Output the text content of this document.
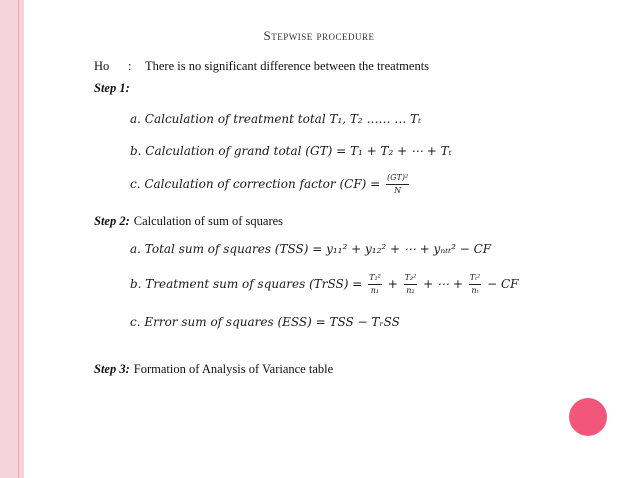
Stepwise procedure
Ho : There is no significant difference between the treatments
Step 1:
a. Calculation of treatment total T₁, T₂ …… … Tₜ
b. Calculation of grand total (GT) = T₁ + T₂ + ⋯ + Tₜ
c. Calculation of correction factor $(CF) = \frac{\text{(GT)²}}{N}$
Step 2: Calculation of sum of squares
a. Total sum of squares (TSS) = y₁₁² + y₁₂² + ⋯ + yₙₜₜ² − CF
b. Treatment sum of squares (TrSS) = $\frac{\text{T₁²}}{\text{n₁}} + \frac{\text{T₂²}}{\text{n₂}}$ + ⋯ + $\frac{\text{Tₜ²}}{\text{nₜ}}$ − CF
c. Error sum of squares (ESS) = TSS − TᵣSS
Step 3: Formation of Analysis of Variance table
